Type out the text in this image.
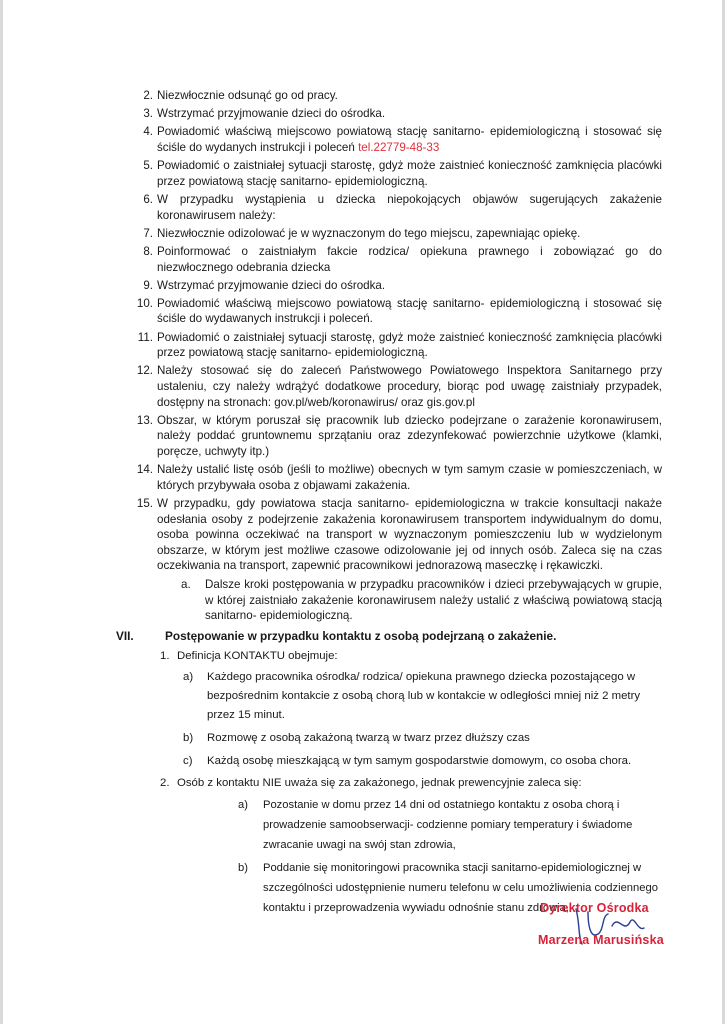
2. Niezwłocznie odsunąć go od pracy.
3. Wstrzymać przyjmowanie dzieci do ośrodka.
4. Powiadomić właściwą miejscowo powiatową stację sanitarno- epidemiologiczną i stosować się ściśle do wydanych instrukcji i poleceń tel.22779-48-33
5. Powiadomić o zaistniałej sytuacji starostę, gdyż może zaistnieć konieczność zamknięcia placówki przez powiatową stację sanitarno- epidemiologiczną.
6. W przypadku wystąpienia u dziecka niepokojących objawów sugerujących zakażenie koronawirusem należy:
7. Niezwłocznie odizolować je w wyznaczonym do tego miejscu, zapewniając opiekę.
8. Poinformować o zaistniałym fakcie rodzica/ opiekuna prawnego i zobowiązać go do niezwłocznego odebrania dziecka
9. Wstrzymać przyjmowanie dzieci do ośrodka.
10. Powiadomić właściwą miejscowo powiatową stację sanitarno- epidemiologiczną i stosować się ściśle do wydawanych instrukcji i poleceń.
11. Powiadomić o zaistniałej sytuacji starostę, gdyż może zaistnieć konieczność zamknięcia placówki przez powiatową stację sanitarno- epidemiologiczną.
12. Należy stosować się do zaleceń Państwowego Powiatowego Inspektora Sanitarnego przy ustaleniu, czy należy wdrążyć dodatkowe procedury, biorąc pod uwagę zaistniały przypadek, dostępny na stronach: gov.pl/web/koronawirus/ oraz gis.gov.pl
13. Obszar, w którym poruszał się pracownik lub dziecko podejrzane o zarażenie koronawirusem, należy poddać gruntownemu sprzątaniu oraz zdezynfekować powierzchnie użytkowe (klamki, poręcze, uchwyty itp.)
14. Należy ustalić listę osób (jeśli to możliwe) obecnych w tym samym czasie w pomieszczeniach, w których przybywała osoba z objawami zakażenia.
15. W przypadku, gdy powiatowa stacja sanitarno- epidemiologiczna w trakcie konsultacji nakaże odesłania osoby z podejrzenie zakażenia koronawirusem transportem indywidualnym do domu, osoba powinna oczekiwać na transport w wyznaczonym pomieszczeniu lub w wydzielonym obszarze, w którym jest możliwe czasowe odizolowanie jej od innych osób. Zaleca się na czas oczekiwania na transport, zapewnić pracownikowi jednorazową maseczkę i rękawiczki.
a. Dalsze kroki postępowania w przypadku pracowników i dzieci przebywających w grupie, w której zaistniało zakażenie koronawirusem należy ustalić z właściwą powiatową stacją sanitarno- epidemiologiczną.
VII.	Postępowanie w przypadku kontaktu z osobą podejrzaną o zakażenie.
1. Definicja KONTAKTU obejmuje:
a) Każdego pracownika ośrodka/ rodzica/ opiekuna prawnego dziecka pozostającego w bezpośrednim kontakcie z osobą chorą lub w kontakcie w odległości mniej niż 2 metry przez 15 minut.
b) Rozmowę z osobą zakażoną twarzą w twarz przez dłuższy czas
c) Każdą osobę mieszkającą w tym samym gospodarstwie domowym, co osoba chora.
2. Osób z kontaktu NIE uważa się za zakażonego, jednak prewencyjnie zaleca się:
a) Pozostanie w domu przez 14 dni od ostatniego kontaktu z osoba chorą i prowadzenie samoobserwacji- codzienne pomiary temperatury i świadome zwracanie uwagi na swój stan zdrowia,
b) Poddanie się monitoringowi pracownika stacji sanitarno-epidemiologicznej w szczególności udostępnienie numeru telefonu w celu umożliwienia codziennego kontaktu i przeprowadzenia wywiadu odnośnie stanu zdrowia,
Dyrektor Ośrodka
Marzena Marusińska
